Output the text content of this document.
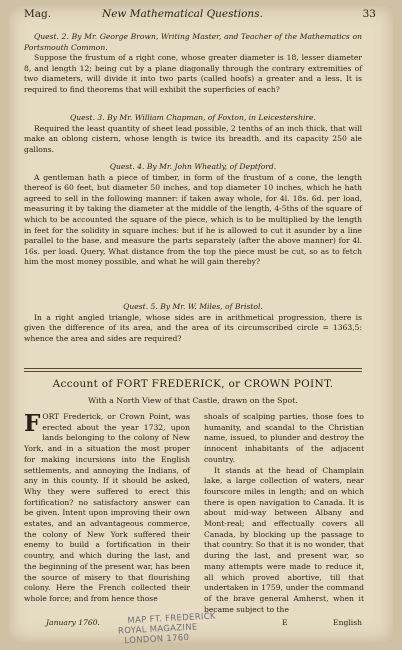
Mag.	New Mathematical Questions.	33

Quest. 2. By Mr. George Brown, Writing Master, and Teacher of the Mathematics on Portsmouth Common.

Suppose the frustum of a right cone, whose greater diameter is 18, lesser diameter 8, and length 12; being cut by a plane diagonally through the contrary extremities of two diameters, will divide it into two parts (called hoofs) a greater and a less. It is required to find theorems that will exhibit the superficies of each?

Quest. 3. By Mr. William Chapman, of Foxton, in Leicestershire.

Required the least quantity of sheet lead possible, 2 tenths of an inch thick, that will make an oblong cistern, whose length is twice its breadth, and its capacity 250 ale gallons.

Quest. 4. By Mr. John Wheatly, of Deptford.

A gentleman hath a piece of timber, in form of the frustum of a cone, the length thereof is 60 feet, but diameter 50 inches, and top diameter 10 inches, which he hath agreed to sell in the following manner: if taken away whole, for 4l. 18s. 6d. per load, measuring it by taking the diameter at the middle of the length, 4-5ths of the square of which to be accounted the square of the piece, which is to be multiplied by the length in feet for the solidity in square inches: but if he is allowed to cut it asunder by a line parallel to the base, and measure the parts separately (after the above manner) for 4l. 16s. per load. Query, What distance from the top the piece must be cut, so as to fetch him the most money possible, and what he will gain thereby?

Quest. 5. By Mr. W. Miles, of Bristol.

In a right angled triangle, whose sides are in arithmetical progression, there is given the difference of its area, and the area of its circumscribed circle = 1363,5: whence the area and sides are required?

Account of FORT FREDERICK, or CROWN POINT.
With a North View of that Castle, drawn on the Spot.
FORT Frederick, or Crown Point, was erected about the year 1732, upon lands belonging to the colony of New York, and in a situation the most proper for making incursions into the English settlements, and annoying the Indians, of any in this county. If it should be asked, Why they were suffered to erect this fortification? no satisfactory answer can be given. Intent upon improving their own estates, and an advantageous commerce, the colony of New York suffered their enemy to build a fortification in their country, and which during the last, and the beginning of the present war, has been the source of misery to that flourishing colony. Here the French collected their whole force; and from hence those
shoals of scalping parties, those foes to humanity, and scandal to the Christian name, issued, to plunder and destroy the innocent inhabitants of the adjacent country.

It stands at the head of Champlain lake, a large collection of waters, near fourscore miles in length; and on which there is open navigation to Canada. It is about mid-way between Albany and Mont-real; and effectually covers all Canada, by blocking up the passage to that country. So that it is no wonder, that during the last, and present war, so many attempts were made to reduce it, all which proved abortive, till that undertaken in 1759, under the command of the brave general Amherst, when it became subject to the

January 1760.	E	English
MAP FT. FREDERICK
ROYAL MAGAZINE
LONDON 1760
